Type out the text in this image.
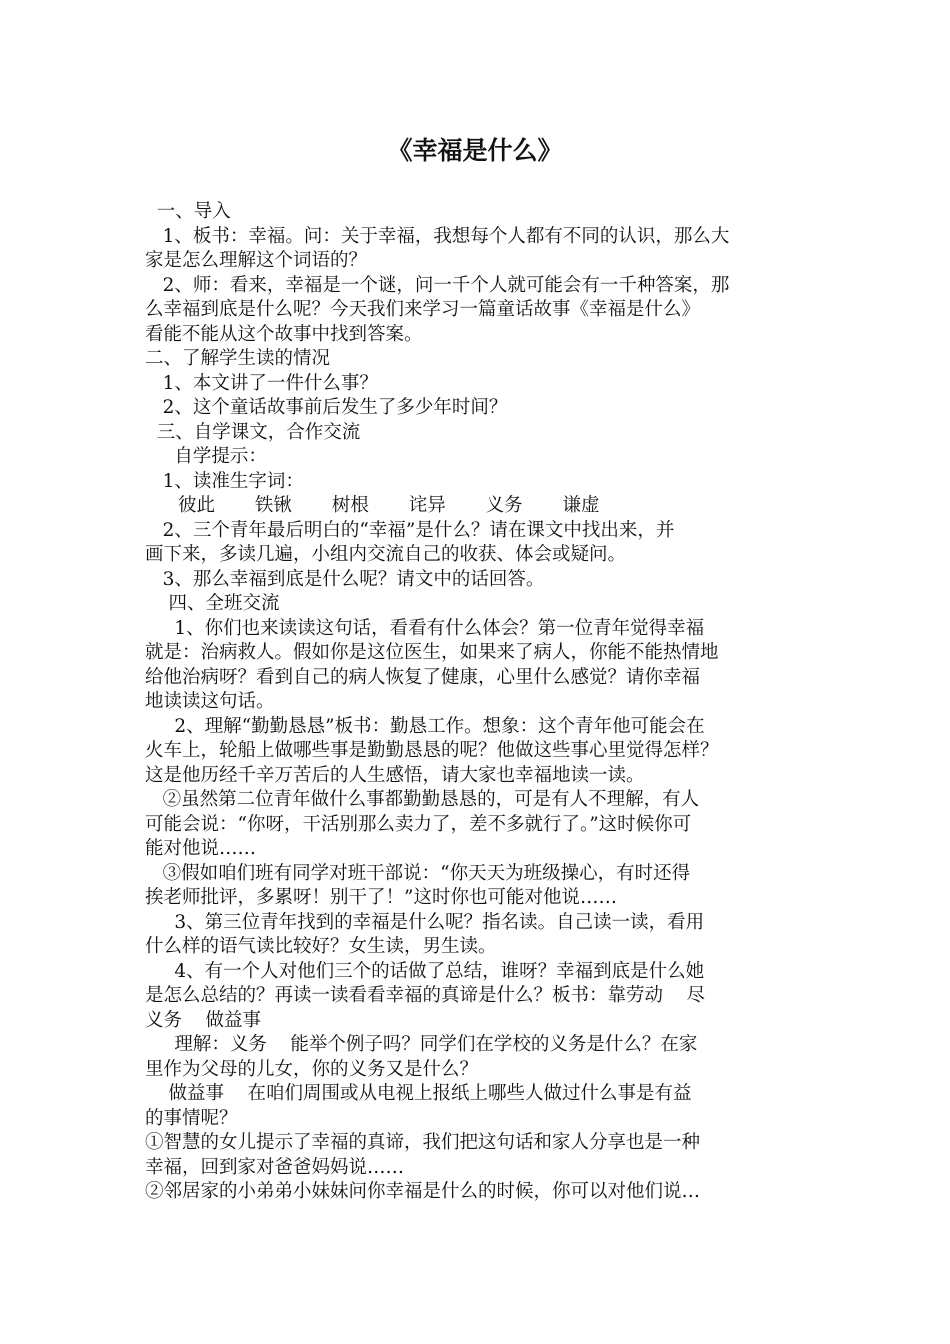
《幸福是什么》
一、导入
1、板书：幸福。问：关于幸福，我想每个人都有不同的认识，那么大
家是怎么理解这个词语的？
2、师：看来，幸福是一个谜，问一千个人就可能会有一千种答案，那
么幸福到底是什么呢？今天我们来学习一篇童话故事《幸福是什么》
看能不能从这个故事中找到答案。
二、了解学生读的情况
1、本文讲了一件什么事？
2、这个童话故事前后发生了多少年时间？
三、自学课文，合作交流
自学提示：
1、读准生字词：
彼此 铁锹 树根 诧异 义务 谦虚
2、三个青年最后明白的“幸福”是什么？请在课文中找出来，并
画下来，多读几遍，小组内交流自己的收获、体会或疑问。
3、那么幸福到底是什么呢？请文中的话回答。
四、全班交流
1、你们也来读读这句话，看看有什么体会？第一位青年觉得幸福
就是：治病救人。假如你是这位医生，如果来了病人，你能不能热情地
给他治病呀？看到自己的病人恢复了健康，心里什么感觉？请你幸福
地读读这句话。
2、理解“勤勤恳恳”板书：勤恳工作。想象：这个青年他可能会在
火车上，轮船上做哪些事是勤勤恳恳的呢？他做这些事心里觉得怎样？
这是他历经千辛万苦后的人生感悟，请大家也幸福地读一读。
②虽然第二位青年做什么事都勤勤恳恳的，可是有人不理解，有人
可能会说：“你呀，干活别那么卖力了，差不多就行了。”这时候你可
能对他说……
③假如咱们班有同学对班干部说：“你天天为班级操心，有时还得
挨老师批评，多累呀！别干了！”这时你也可能对他说……
3、第三位青年找到的幸福是什么呢？指名读。自己读一读，看用
什么样的语气读比较好？女生读，男生读。
4、有一个人对他们三个的话做了总结，谁呀？幸福到底是什么她
是怎么总结的？再读一读看看幸福的真谛是什么？板书：靠劳动    尽
义务    做益事
理解：义务    能举个例子吗？同学们在学校的义务是什么？在家
里作为父母的儿女，你的义务又是什么？
做益事    在咱们周围或从电视上报纸上哪些人做过什么事是有益
的事情呢？
①智慧的女儿提示了幸福的真谛，我们把这句话和家人分享也是一种
幸福，回到家对爸爸妈妈说……
②邻居家的小弟弟小妹妹问你幸福是什么的时候，你可以对他们说…
